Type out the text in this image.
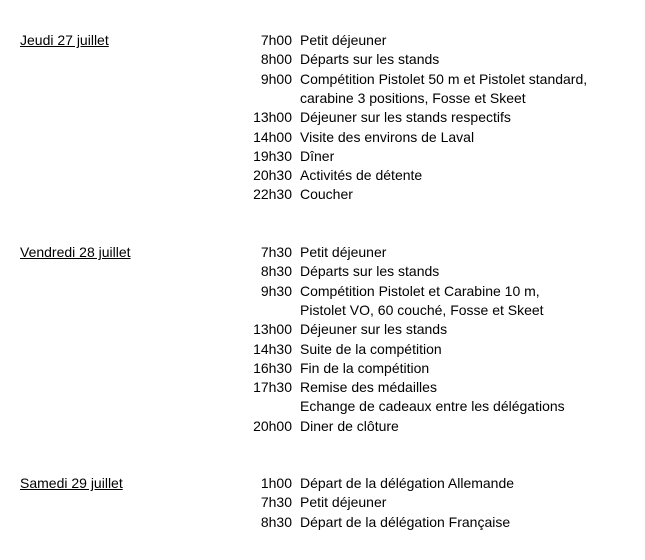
Jeudi 27 juillet	7h00 Petit déjeuner
8h00 Départs sur les stands
9h00 Compétition Pistolet 50 m et Pistolet standard,
carabine 3 positions, Fosse et Skeet
13h00 Déjeuner sur les stands respectifs
14h00 Visite des environs de Laval
19h30 Dîner
20h30 Activités de détente
22h30 Coucher
Vendredi 28 juillet	7h30 Petit déjeuner
8h30 Départs sur les stands
9h30 Compétition Pistolet et Carabine 10 m,
Pistolet VO, 60 couché, Fosse et Skeet
13h00 Déjeuner sur les stands
14h30 Suite de la compétition
16h30 Fin de la compétition
17h30 Remise des médailles
Echange de cadeaux entre les délégations
20h00 Diner de clôture
Samedi 29 juillet	1h00 Départ de la délégation Allemande
7h30 Petit déjeuner
8h30 Départ de la délégation Française
